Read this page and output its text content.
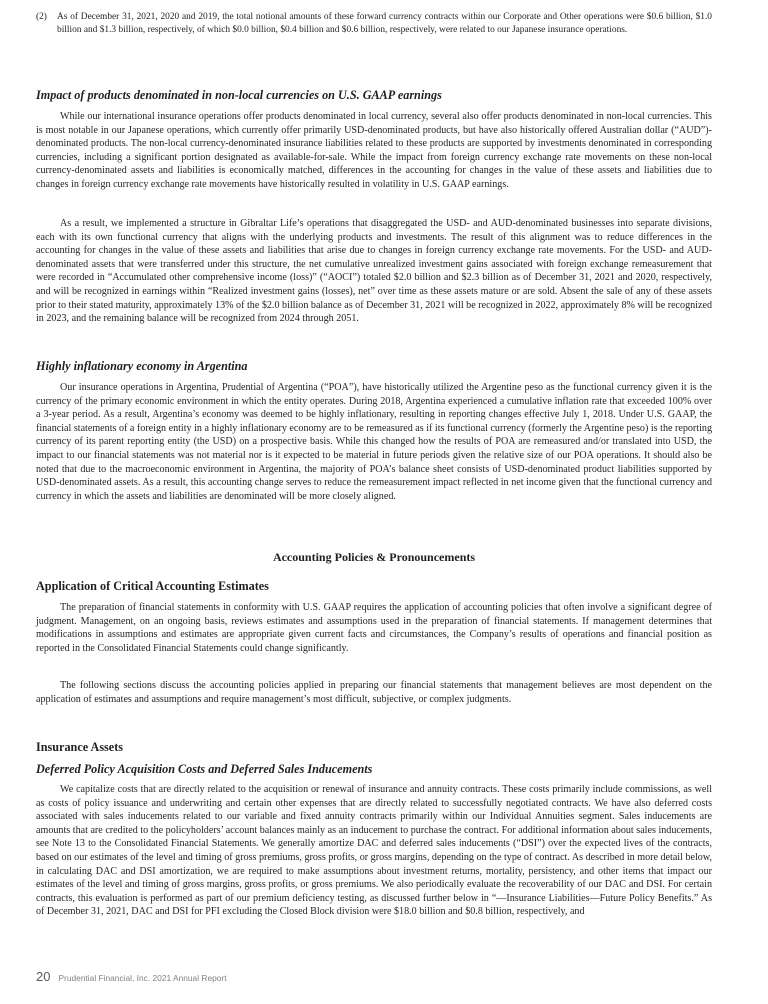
(2)	As of December 31, 2021, 2020 and 2019, the total notional amounts of these forward currency contracts within our Corporate and Other operations were $0.6 billion, $1.0 billion and $1.3 billion, respectively, of which $0.0 billion, $0.4 billion and $0.6 billion, respectively, were related to our Japanese insurance operations.
Impact of products denominated in non-local currencies on U.S. GAAP earnings

While our international insurance operations offer products denominated in local currency, several also offer products denominated in non-local currencies. This is most notable in our Japanese operations, which currently offer primarily USD-denominated products, but have also historically offered Australian dollar (“AUD”)-denominated products. The non-local currency-denominated insurance liabilities related to these products are supported by investments denominated in corresponding currencies, including a significant portion designated as available-for-sale. While the impact from foreign currency exchange rate movements on these non-local currency-denominated assets and liabilities is economically matched, differences in the accounting for changes in the value of these assets and liabilities due to changes in foreign currency exchange rate movements have historically resulted in volatility in U.S. GAAP earnings.

As a result, we implemented a structure in Gibraltar Life’s operations that disaggregated the USD- and AUD-denominated businesses into separate divisions, each with its own functional currency that aligns with the underlying products and investments. The result of this alignment was to reduce differences in the accounting for changes in the value of these assets and liabilities that arise due to changes in foreign currency exchange rate movements. For the USD- and AUD-denominated assets that were transferred under this structure, the net cumulative unrealized investment gains associated with foreign exchange remeasurement that were recorded in “Accumulated other comprehensive income (loss)” (“AOCI”) totaled $2.0 billion and $2.3 billion as of December 31, 2021 and 2020, respectively, and will be recognized in earnings within “Realized investment gains (losses), net” over time as these assets mature or are sold. Absent the sale of any of these assets prior to their stated maturity, approximately 13% of the $2.0 billion balance as of December 31, 2021 will be recognized in 2022, approximately 8% will be recognized in 2023, and the remaining balance will be recognized from 2024 through 2051.

Highly inflationary economy in Argentina

Our insurance operations in Argentina, Prudential of Argentina (“POA”), have historically utilized the Argentine peso as the functional currency given it is the currency of the primary economic environment in which the entity operates. During 2018, Argentina experienced a cumulative inflation rate that exceeded 100% over a 3-year period. As a result, Argentina’s economy was deemed to be highly inflationary, resulting in reporting changes effective July 1, 2018. Under U.S. GAAP, the financial statements of a foreign entity in a highly inflationary economy are to be remeasured as if its functional currency (formerly the Argentine peso) is the reporting currency of its parent reporting entity (the USD) on a prospective basis. While this changed how the results of POA are remeasured and/or translated into USD, the impact to our financial statements was not material nor is it expected to be material in future periods given the relative size of our POA operations. It should also be noted that due to the macroeconomic environment in Argentina, the majority of POA’s balance sheet consists of USD-denominated product liabilities supported by USD-denominated assets. As a result, this accounting change serves to reduce the remeasurement impact reflected in net income given that the functional currency and currency in which the assets and liabilities are denominated will be more closely aligned.

Accounting Policies & Pronouncements
Application of Critical Accounting Estimates

The preparation of financial statements in conformity with U.S. GAAP requires the application of accounting policies that often involve a significant degree of judgment. Management, on an ongoing basis, reviews estimates and assumptions used in the preparation of financial statements. If management determines that modifications in assumptions and estimates are appropriate given current facts and circumstances, the Company’s results of operations and financial position as reported in the Consolidated Financial Statements could change significantly.

The following sections discuss the accounting policies applied in preparing our financial statements that management believes are most dependent on the application of estimates and assumptions and require management’s most difficult, subjective, or complex judgments.

Insurance Assets
Deferred Policy Acquisition Costs and Deferred Sales Inducements

We capitalize costs that are directly related to the acquisition or renewal of insurance and annuity contracts. These costs primarily include commissions, as well as costs of policy issuance and underwriting and certain other expenses that are directly related to successfully negotiated contracts. We have also deferred costs associated with sales inducements related to our variable and fixed annuity contracts primarily within our Individual Annuities segment. Sales inducements are amounts that are credited to the policyholders’ account balances mainly as an inducement to purchase the contract. For additional information about sales inducements, see Note 13 to the Consolidated Financial Statements. We generally amortize DAC and deferred sales inducements (“DSI”) over the expected lives of the contracts, based on our estimates of the level and timing of gross premiums, gross profits, or gross margins, depending on the type of contract. As described in more detail below, in calculating DAC and DSI amortization, we are required to make assumptions about investment returns, mortality, persistency, and other items that impact our estimates of the level and timing of gross margins, gross profits, or gross premiums. We also periodically evaluate the recoverability of our DAC and DSI. For certain contracts, this evaluation is performed as part of our premium deficiency testing, as discussed further below in “—Insurance Liabilities—Future Policy Benefits.” As of December 31, 2021, DAC and DSI for PFI excluding the Closed Block division were $18.0 billion and $0.8 billion, respectively, and

20 Prudential Financial, Inc. 2021 Annual Report
